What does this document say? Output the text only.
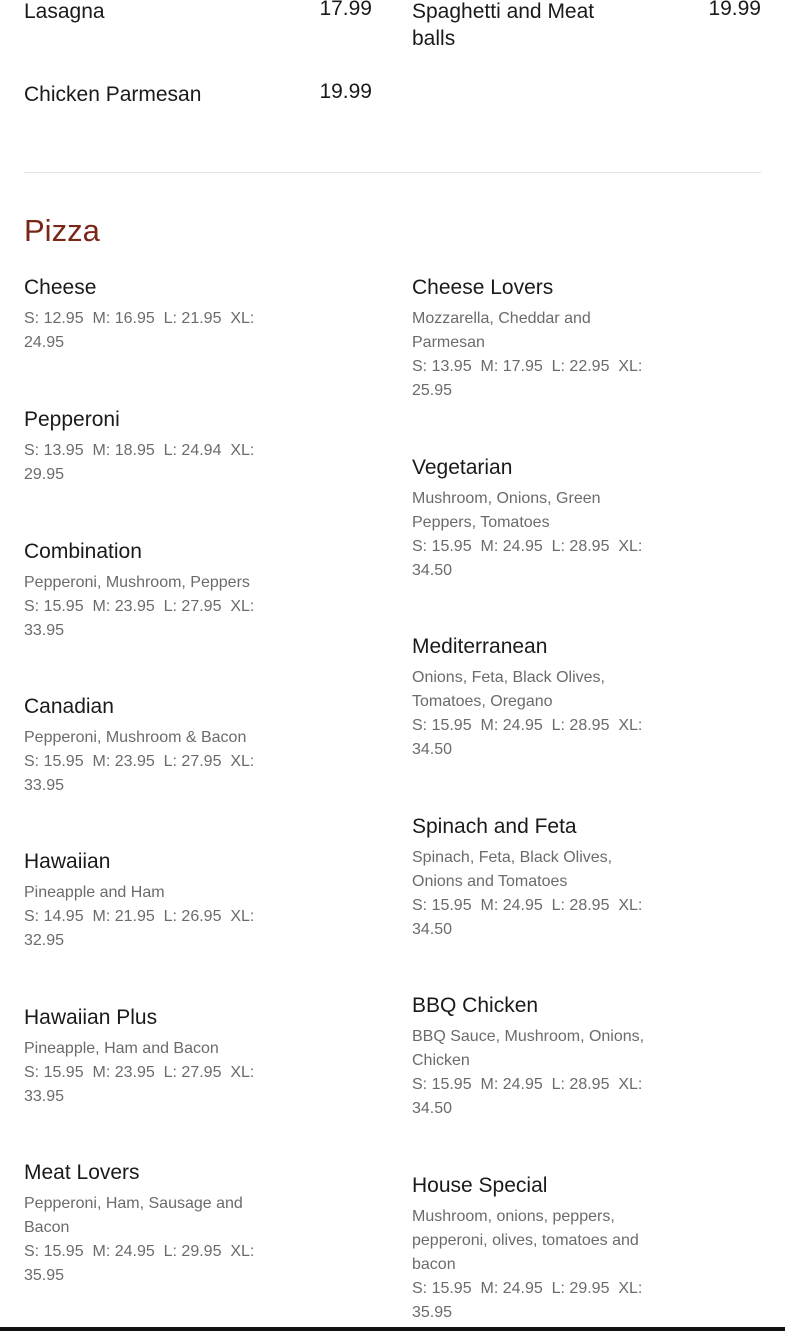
Lasagna	17.99 Spaghetti and Meat balls
19.99
Chicken Parmesan	19.99
Pizza
Cheese
S: 12.95  M: 16.95  L: 21.95  XL: 24.95
Pepperoni
S: 13.95  M: 18.95  L: 24.94  XL: 29.95
Combination
Pepperoni, Mushroom, Peppers
S: 15.95  M: 23.95  L: 27.95  XL: 33.95
Canadian
Pepperoni, Mushroom & Bacon
S: 15.95  M: 23.95  L: 27.95  XL: 33.95
Hawaiian
Pineapple and Ham
S: 14.95  M: 21.95  L: 26.95  XL: 32.95
Hawaiian Plus
Pineapple, Ham and Bacon
S: 15.95  M: 23.95  L: 27.95  XL: 33.95
Meat Lovers
Pepperoni, Ham, Sausage and Bacon
S: 15.95  M: 24.95  L: 29.95  XL: 35.95
Cheese Lovers
Mozzarella, Cheddar and Parmesan
S: 13.95  M: 17.95  L: 22.95  XL: 25.95
Vegetarian
Mushroom, Onions, Green Peppers, Tomatoes
S: 15.95  M: 24.95  L: 28.95  XL: 34.50
Mediterranean
Onions, Feta, Black Olives, Tomatoes, Oregano
S: 15.95  M: 24.95  L: 28.95  XL: 34.50
Spinach and Feta
Spinach, Feta, Black Olives, Onions and Tomatoes
S: 15.95  M: 24.95  L: 28.95  XL: 34.50
BBQ Chicken
BBQ Sauce, Mushroom, Onions, Chicken
S: 15.95  M: 24.95  L: 28.95  XL: 34.50
House Special
Mushroom, onions, peppers, pepperoni, olives, tomatoes and bacon
S: 15.95  M: 24.95  L: 29.95  XL: 35.95
